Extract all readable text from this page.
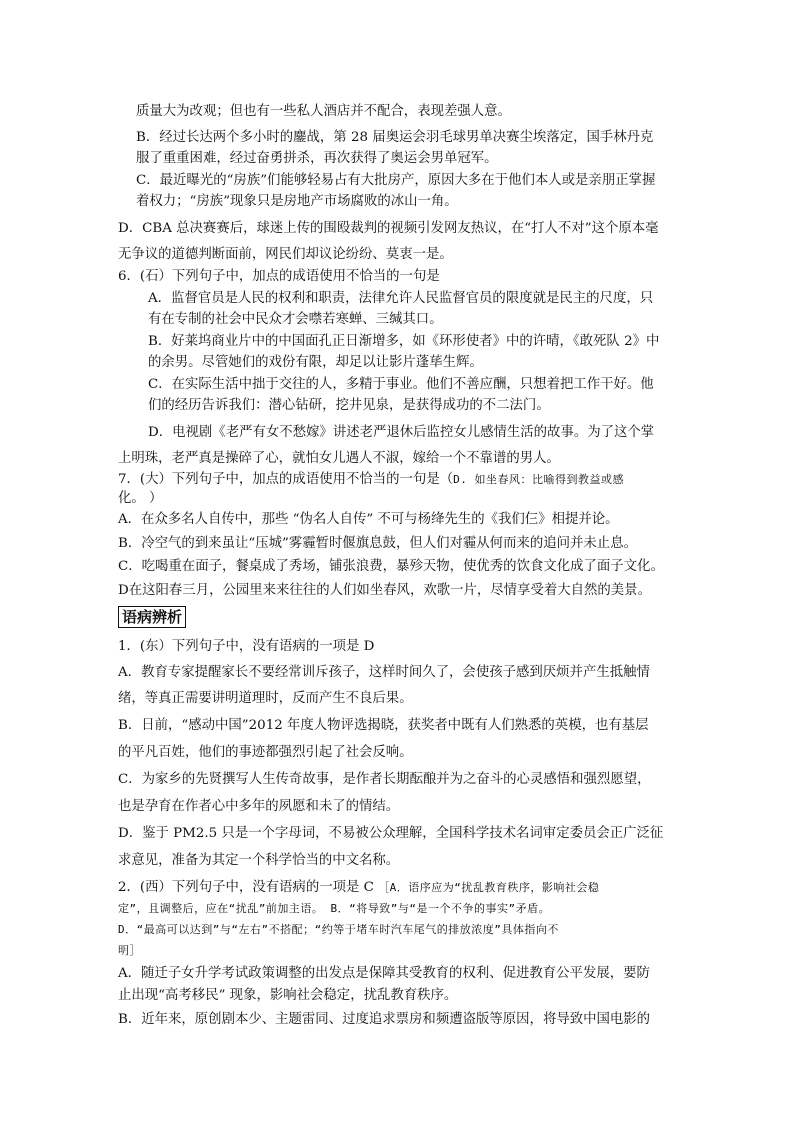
质量大为改观；但也有一些私人酒店并不配合，表现差强人意。
B．经过长达两个多小时的鏖战，第 28 届奥运会羽毛球男单决赛尘埃落定，国手林丹克
服了重重困难，经过奋勇拼杀，再次获得了奥运会男单冠军。
C．最近曝光的“房族”们能够轻易占有大批房产，原因大多在于他们本人或是亲朋正掌握
着权力；“房族”现象只是房地产市场腐败的冰山一角。
D．CBA 总决赛赛后，球迷上传的围殴裁判的视频引发网友热议，在“打人不对”这个原本毫
无争议的道德判断面前，网民们却议论纷纷、莫衷一是。
6．(石）下列句子中，加点的成语使用不恰当的一句是
A．监督官员是人民的权利和职责，法律允许人民监督官员的限度就是民主的尺度，只
有在专制的社会中民众才会噤若寒蝉、三缄其口。
B．好莱坞商业片中的中国面孔正日渐增多，如《环形使者》中的许晴，《敢死队 2》中
的余男。尽管她们的戏份有限，却足以让影片蓬荜生辉。
C．在实际生活中拙于交往的人，多精于事业。他们不善应酬，只想着把工作干好。他
们的经历告诉我们：潜心钻研，挖井见泉，是获得成功的不二法门。
D．电视剧《老严有女不愁嫁》讲述老严退休后监控女儿感情生活的故事。为了这个掌
上明珠，老严真是操碎了心，就怕女儿遇人不淑，嫁给一个不靠谱的男人。
7．(大）下列句子中，加点的成语使用不恰当的一句是（D. 如坐春风：比喻得到教益或感
化。 ）
A．在众多名人自传中，那些 “伪名人自传” 不可与杨绛先生的《我们仨》相提并论。
B．冷空气的到来虽让“压城”雾霾暂时偃旗息鼓，但人们对霾从何而来的追问并未止息。
C．吃喝重在面子，餐桌成了秀场，铺张浪费，暴殄天物，使优秀的饮食文化成了面子文化。
D在这阳春三月，公园里来来往往的人们如坐春风，欢歌一片，尽情享受着大自然的美景。
语病辨析
1．(东）下列句子中，没有语病的一项是 D
A．教育专家提醒家长不要经常训斥孩子，这样时间久了，会使孩子感到厌烦并产生抵触情
绪，等真正需要讲明道理时，反而产生不良后果。
B．日前，“感动中国”2012 年度人物评选揭晓，获奖者中既有人们熟悉的英模，也有基层
的平凡百姓，他们的事迹都强烈引起了社会反响。
C．为家乡的先贤撰写人生传奇故事，是作者长期酝酿并为之奋斗的心灵感悟和强烈愿望，
也是孕育在作者心中多年的夙愿和未了的情结。
D．鉴于 PM2.5 只是一个字母词，不易被公众理解，全国科学技术名词审定委员会正广泛征
求意见，准备为其定一个科学恰当的中文名称。
2．(西）下列句子中，没有语病的一项是 C ［A．语序应为“扰乱教育秩序，影响社会稳
定”，且调整后，应在“扰乱”前加主语。 B．“将导致”与“是一个不争的事实”矛盾。
D．“最高可以达到”与“左右”不搭配；“约等于堵车时汽车尾气的排放浓度”具体指向不
明］
A．随迁子女升学考试政策调整的出发点是保障其受教育的权利、促进教育公平发展，要防
止出现“高考移民” 现象，影响社会稳定，扰乱教育秩序。
B．近年来，原创剧本少、主题雷同、过度追求票房和频遭盗版等原因，将导致中国电影的
